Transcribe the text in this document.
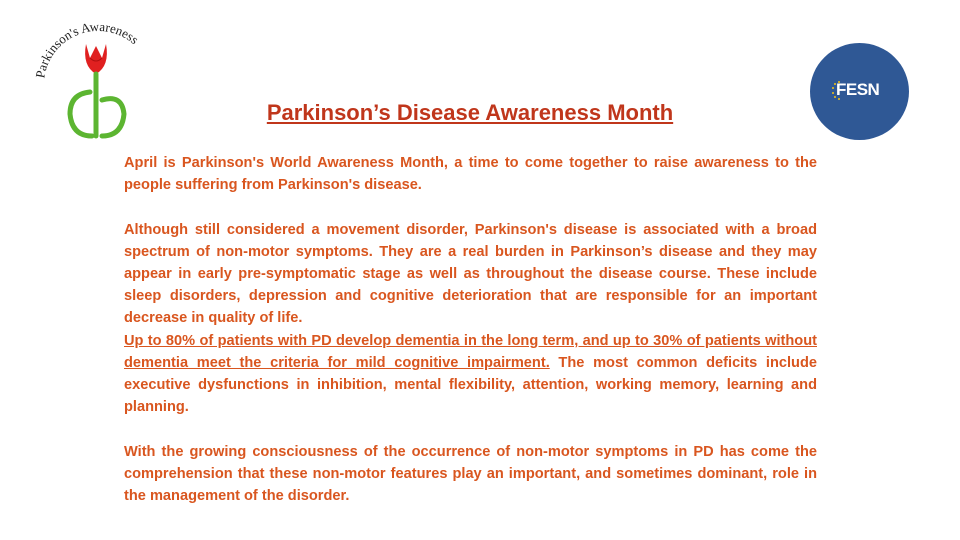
Parkinson's Awareness
FESN
Parkinson’s Disease Awareness Month

April is Parkinson's World Awareness Month, a time to come together to raise awareness to the people suffering from Parkinson's disease.

Although still considered a movement disorder, Parkinson's disease is associated with a broad spectrum of non-motor symptoms. They are a real burden in Parkinson’s disease and they may appear in early pre-symptomatic stage as well as throughout the disease course. These include sleep disorders, depression and cognitive deterioration that are responsible for an important decrease in quality of life.

Up to 80% of patients with PD develop dementia in the long term, and up to 30% of patients without dementia meet the criteria for mild cognitive impairment. The most common deficits include executive dysfunctions in inhibition, mental flexibility, attention, working memory, learning and planning.

With the growing consciousness of the occurrence of non-motor symptoms in PD has come the comprehension that these non-motor features play an important, and sometimes dominant, role in the management of the disorder.
